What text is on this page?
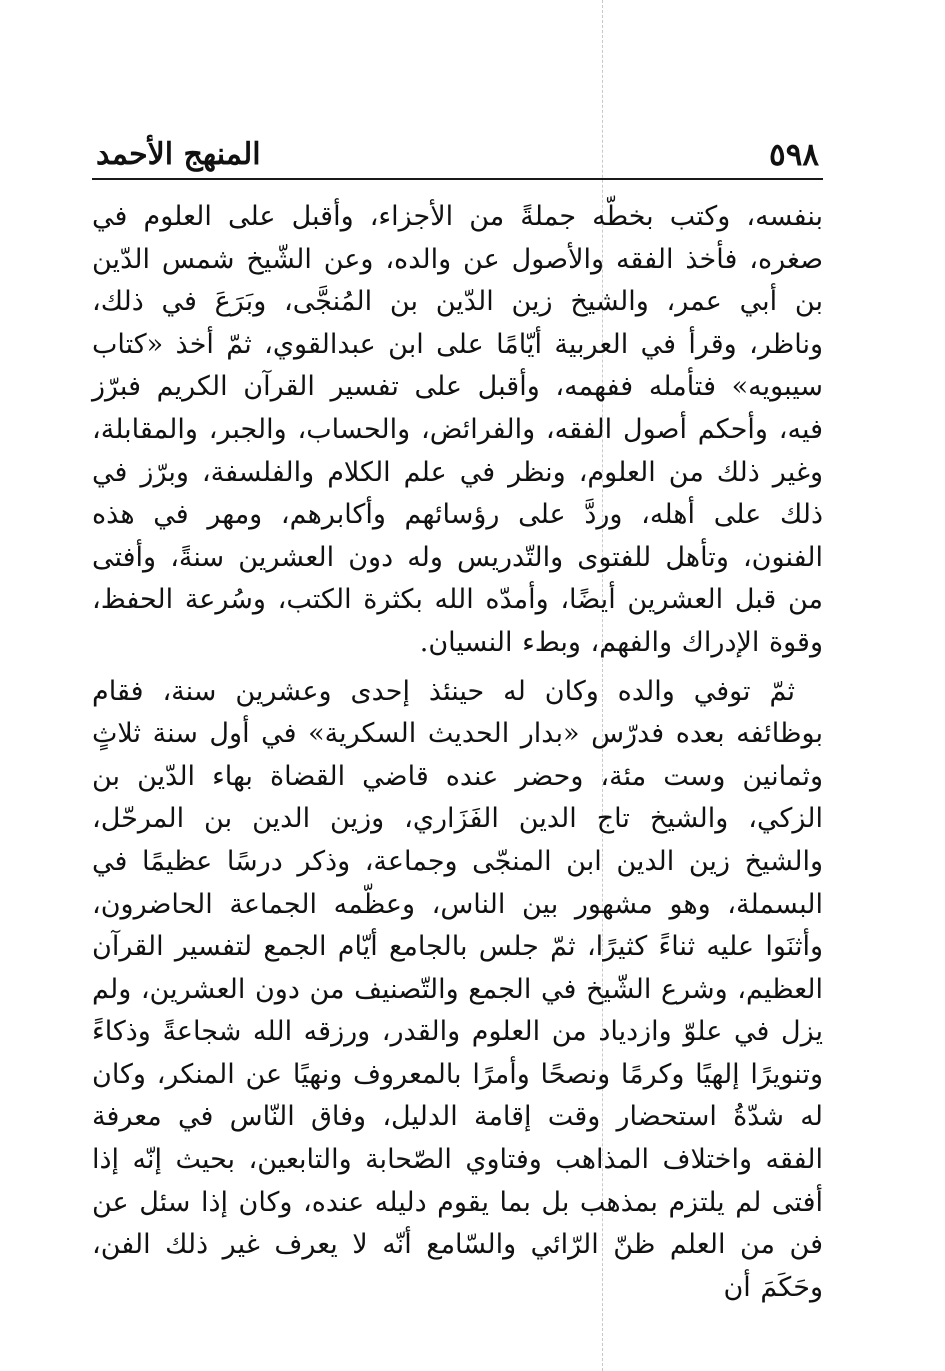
٥٩٨
المنهج الأحمد

بنفسه، وكتب بخطّه جملةً من الأجزاء، وأقبل على العلوم في صغره، فأخذ الفقه والأصول عن والده، وعن الشّيخ شمس الدّين بن أبي عمر، والشيخ زين الدّين بن المُنجَّى، وبَرَعَ في ذلك، وناظر، وقرأ في العربية أيّامًا على ابن عبدالقوي، ثمّ أخذ «كتاب سيبويه» فتأمله ففهمه، وأقبل على تفسير القرآن الكريم فبرّز فيه، وأحكم أصول الفقه، والفرائض، والحساب، والجبر، والمقابلة، وغير ذلك من العلوم، ونظر في علم الكلام والفلسفة، وبرّز في ذلك على أهله، وردَّ على رؤسائهم وأكابرهم، ومهر في هذه الفنون، وتأهل للفتوى والتّدريس وله دون العشرين سنةً، وأفتى من قبل العشرين أيضًا، وأمدّه الله بكثرة الكتب، وسُرعة الحفظ، وقوة الإدراك والفهم، وبطء النسيان.

ثمّ توفي والده وكان له حينئذ إحدى وعشرين سنة، فقام بوظائفه بعده فدرّس «بدار الحديث السكرية» في أول سنة ثلاثٍ وثمانين وست مئة، وحضر عنده قاضي القضاة بهاء الدّين بن الزكي، والشيخ تاج الدين الفَزَاري، وزين الدين بن المرحّل، والشيخ زين الدين ابن المنجّى وجماعة، وذكر درسًا عظيمًا في البسملة، وهو مشهور بين الناس، وعظّمه الجماعة الحاضرون، وأثنَوا عليه ثناءً كثيرًا، ثمّ جلس بالجامع أيّام الجمع لتفسير القرآن العظيم، وشرع الشّيخ في الجمع والتّصنيف من دون العشرين، ولم يزل في علوّ وازدياد من العلوم والقدر، ورزقه الله شجاعةً وذكاءً وتنويرًا إلهيًا وكرمًا ونصحًا وأمرًا بالمعروف ونهيًا عن المنكر، وكان له شدّةُ استحضار وقت إقامة الدليل، وفاق النّاس في معرفة الفقه واختلاف المذاهب وفتاوي الصّحابة والتابعين، بحيث إنّه إذا أفتى لم يلتزم بمذهب بل بما يقوم دليله عنده، وكان إذا سئل عن فن من العلم ظنّ الرّائي والسّامع أنّه لا يعرف غير ذلك الفن، وحَكَمَ أن
